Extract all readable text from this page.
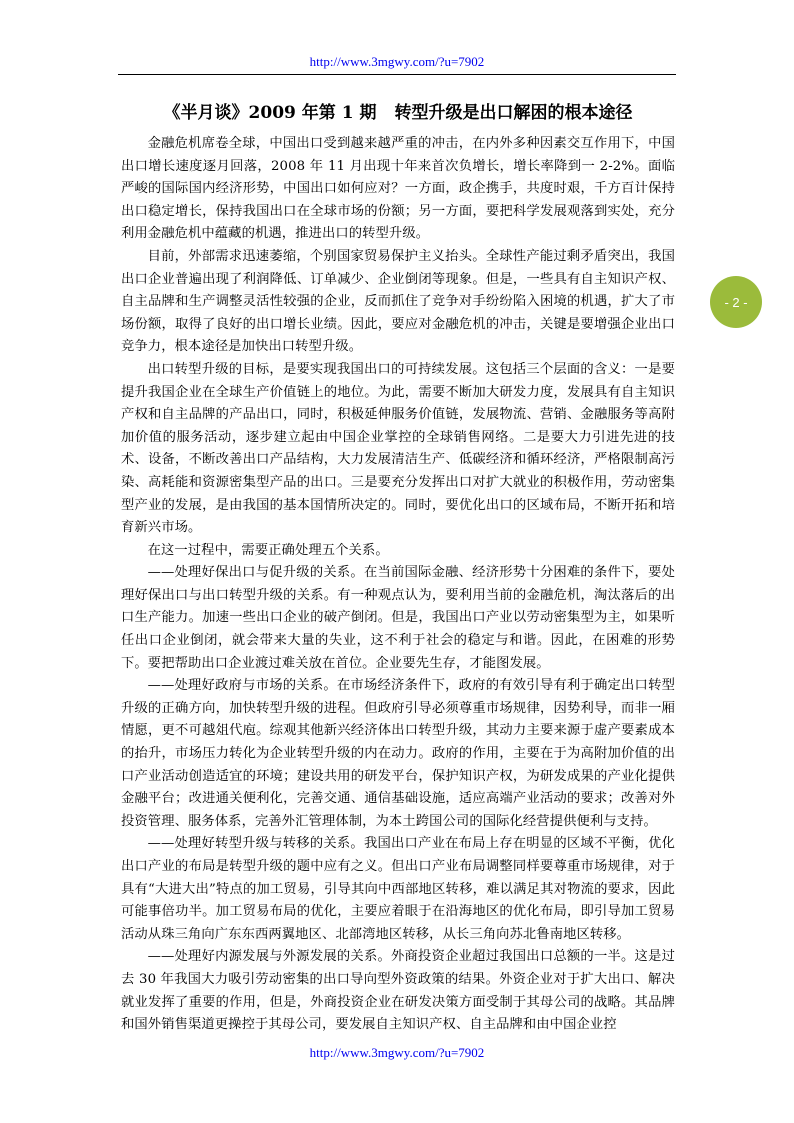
http://www.3mgwy.com/?u=7902
- 2 -
《半月谈》2009 年第 1 期 转型升级是出口解困的根本途径

金融危机席卷全球，中国出口受到越来越严重的冲击，在内外多种因素交互作用下，中国出口增长速度逐月回落，2008 年 11 月出现十年来首次负增长，增长率降到一 2-2%。面临严峻的国际国内经济形势，中国出口如何应对？一方面，政企携手，共度时艰，千方百计保持出口稳定增长，保持我国出口在全球市场的份额；另一方面，要把科学发展观落到实处，充分利用金融危机中蕴藏的机遇，推进出口的转型升级。

目前，外部需求迅速萎缩，个别国家贸易保护主义抬头。全球性产能过剩矛盾突出，我国出口企业普遍出现了利润降低、订单减少、企业倒闭等现象。但是，一些具有自主知识产权、自主品牌和生产调整灵活性较强的企业，反而抓住了竞争对手纷纷陷入困境的机遇，扩大了市场份额，取得了良好的出口增长业绩。因此，要应对金融危机的冲击，关键是要增强企业出口竞争力，根本途径是加快出口转型升级。

出口转型升级的目标，是要实现我国出口的可持续发展。这包括三个层面的含义：一是要提升我国企业在全球生产价值链上的地位。为此，需要不断加大研发力度，发展具有自主知识产权和自主品牌的产品出口，同时，积极延伸服务价值链，发展物流、营销、金融服务等高附加价值的服务活动，逐步建立起由中国企业掌控的全球销售网络。二是要大力引进先进的技术、设备，不断改善出口产品结构，大力发展清洁生产、低碳经济和循环经济，严格限制高污染、高耗能和资源密集型产品的出口。三是要充分发挥出口对扩大就业的积极作用，劳动密集型产业的发展，是由我国的基本国情所决定的。同时，要优化出口的区域布局，不断开拓和培育新兴市场。

在这一过程中，需要正确处理五个关系。

——处理好保出口与促升级的关系。在当前国际金融、经济形势十分困难的条件下，要处理好保出口与出口转型升级的关系。有一种观点认为，要利用当前的金融危机，淘汰落后的出口生产能力。加速一些出口企业的破产倒闭。但是，我国出口产业以劳动密集型为主，如果听任出口企业倒闭，就会带来大量的失业，这不利于社会的稳定与和谐。因此，在困难的形势下。要把帮助出口企业渡过难关放在首位。企业要先生存，才能图发展。

——处理好政府与市场的关系。在市场经济条件下，政府的有效引导有利于确定出口转型升级的正确方向，加快转型升级的进程。但政府引导必须尊重市场规律，因势利导，而非一厢情愿，更不可越俎代庖。综观其他新兴经济体出口转型升级，其动力主要来源于虚产要素成本的抬升，市场压力转化为企业转型升级的内在动力。政府的作用，主要在于为高附加价值的出口产业活动创造适宜的环境；建设共用的研发平台，保护知识产权，为研发成果的产业化提供金融平台；改进通关便利化，完善交通、通信基础设施，适应高端产业活动的要求；改善对外投资管理、服务体系，完善外汇管理体制，为本土跨国公司的国际化经营提供便利与支持。

——处理好转型升级与转移的关系。我国出口产业在布局上存在明显的区域不平衡，优化出口产业的布局是转型升级的题中应有之义。但出口产业布局调整同样要尊重市场规律，对于具有“大进大出”特点的加工贸易，引导其向中西部地区转移，难以满足其对物流的要求，因此可能事倍功半。加工贸易布局的优化，主要应着眼于在沿海地区的优化布局，即引导加工贸易活动从珠三角向广东东西两翼地区、北部湾地区转移，从长三角向苏北鲁南地区转移。

——处理好内源发展与外源发展的关系。外商投资企业超过我国出口总额的一半。这是过去 30 年我国大力吸引劳动密集的出口导向型外资政策的结果。外资企业对于扩大出口、解决就业发挥了重要的作用，但是，外商投资企业在研发决策方面受制于其母公司的战略。其品牌和国外销售渠道更操控于其母公司，要发展自主知识产权、自主品牌和由中国企业控

http://www.3mgwy.com/?u=7902
